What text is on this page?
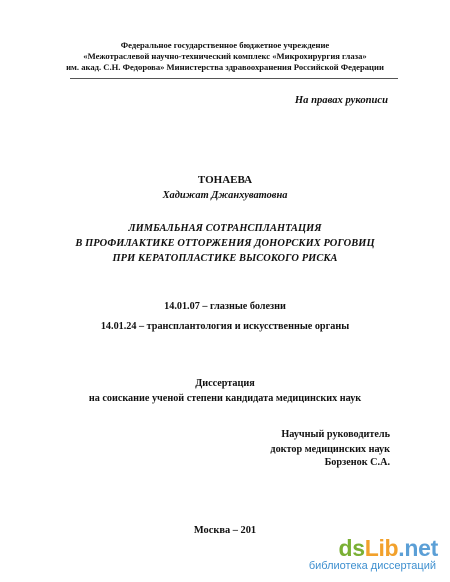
Федеральное государственное бюджетное учреждение
«Межотраслевой научно-технический комплекс «Микрохирургия глаза»
им. акад. С.Н. Федорова» Министерства здравоохранения Российской Федерации
На правах рукописи
ТОНАЕВА
Хадижат Джанхуватовна
ЛИМБАЛЬНАЯ СОТРАНСПЛАНТАЦИЯ
В ПРОФИЛАКТИКЕ ОТТОРЖЕНИЯ ДОНОРСКИХ РОГОВИЦ
ПРИ КЕРАТОПЛАСТИКЕ ВЫСОКОГО РИСКА
14.01.07 – глазные болезни
14.01.24 – трансплантология и искусственные органы
Диссертация
на соискание ученой степени кандидата медицинских наук
Научный руководитель
доктор медицинских наук
Борзенок С.А.
Москва – 201
dsLib.net
библиотека диссертаций
